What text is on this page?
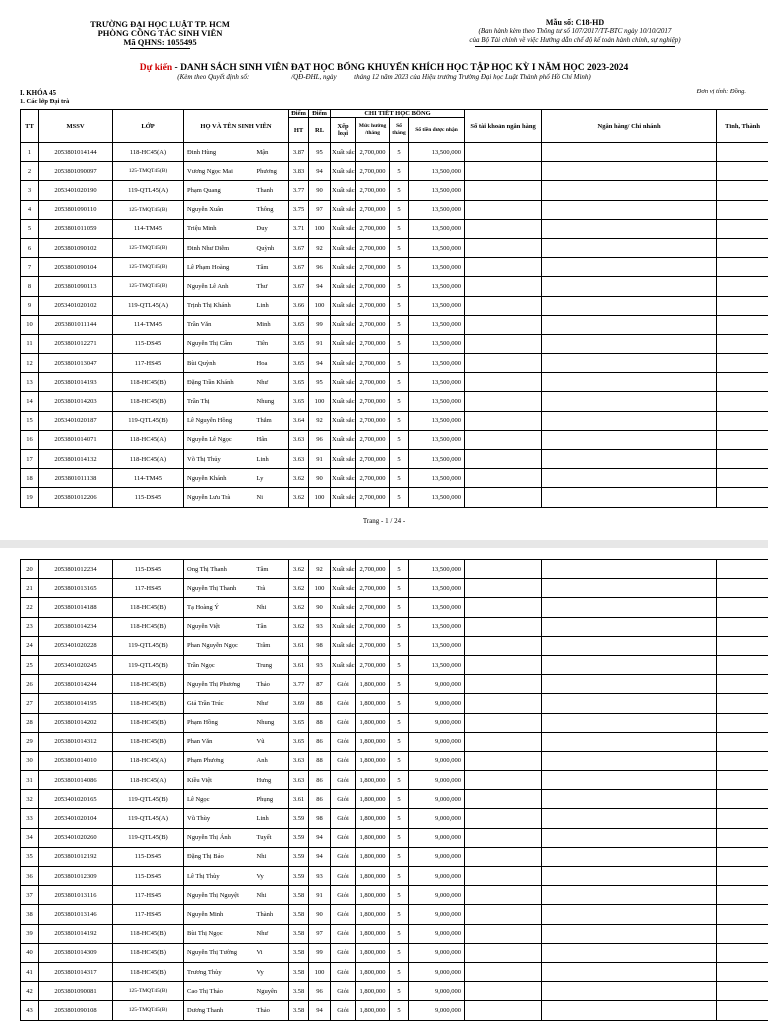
TRƯỜNG ĐẠI HỌC LUẬT TP. HCM
PHÒNG CÔNG TÁC SINH VIÊN
Mã QHNS: 1055495
Mẫu số: C18-HD
(Ban hành kèm theo Thông tư số 107/2017/TT-BTC ngày 10/10/2017
của Bộ Tài chính về việc Hướng dẫn chế độ kế toán hành chính, sự nghiệp)
Dự kiến - DANH SÁCH SINH VIÊN ĐẠT HỌC BỔNG KHUYẾN KHÍCH HỌC TẬP HỌC KỲ I NĂM HỌC 2023-2024
(Kèm theo Quyết định số:                        /QĐ-ĐHL, ngày          tháng 12 năm 2023 của Hiệu trưởng Trường Đại học Luật Thành phố Hồ Chí Minh)
I. KHÓA 45	Đơn vị tính: Đồng.
1. Các lớp Đại trà
TT	MSSV	LỚP	HỌ VÀ TÊN SINH VIÊN		Điểm	Điểm	CHI TIẾT HỌC BỔNG				Số tài khoản ngân hàng	Ngân hàng/ Chi nhánh	Tỉnh, Thành
					HT	RL	Xếp loại	Mức hưởng /tháng	Số tháng	Số tiền được nhận			

1	2053801014144	118-HC45(A)	Đinh Hùng	Mận	3.87	95	Xuất sắc	2,700,000	5	13,500,000			
2	2053801090097	125-TMQT45(B)	Vương Ngọc Mai	Phương	3.83	94	Xuất sắc	2,700,000	5	13,500,000			
3	2053401020190	119-QTL45(A)	Phạm Quang	Thanh	3.77	90	Xuất sắc	2,700,000	5	13,500,000			
4	2053801090110	125-TMQT45(B)	Nguyễn Xuân	Thông	3.75	97	Xuất sắc	2,700,000	5	13,500,000			
5	2053801011059	114-TM45	Triệu Minh	Duy	3.71	100	Xuất sắc	2,700,000	5	13,500,000			
6	2053801090102	125-TMQT45(B)	Đinh Như Diễm	Quỳnh	3.67	92	Xuất sắc	2,700,000	5	13,500,000			
7	2053801090104	125-TMQT45(B)	Lê Phạm Hoàng	Tâm	3.67	96	Xuất sắc	2,700,000	5	13,500,000			
8	2053801090113	125-TMQT45(B)	Nguyễn Lê Anh	Thư	3.67	94	Xuất sắc	2,700,000	5	13,500,000			
9	2053401020102	119-QTL45(A)	Trịnh Thị Khánh	Linh	3.66	100	Xuất sắc	2,700,000	5	13,500,000			
10	2053801011144	114-TM45	Trần Văn	Minh	3.65	99	Xuất sắc	2,700,000	5	13,500,000			
11	2053801012271	115-DS45	Nguyễn Thị Cẩm	Tiên	3.65	91	Xuất sắc	2,700,000	5	13,500,000			
12	2053801013047	117-HS45	Bùi Quỳnh	Hoa	3.65	94	Xuất sắc	2,700,000	5	13,500,000			
13	2053801014193	118-HC45(B)	Đặng Trần Khánh	Như	3.65	95	Xuất sắc	2,700,000	5	13,500,000			
14	2053801014203	118-HC45(B)	Trần Thị	Nhung	3.65	100	Xuất sắc	2,700,000	5	13,500,000			
15	2053401020187	119-QTL45(B)	Lê Nguyễn Hồng	Thắm	3.64	92	Xuất sắc	2,700,000	5	13,500,000			
16	2053801014071	118-HC45(A)	Nguyễn Lê Ngọc	Hân	3.63	96	Xuất sắc	2,700,000	5	13,500,000			
17	2053801014132	118-HC45(A)	Võ Thị Thủy	Linh	3.63	91	Xuất sắc	2,700,000	5	13,500,000			
18	2053801011138	114-TM45	Nguyễn Khánh	Ly	3.62	90	Xuất sắc	2,700,000	5	13,500,000			
19	2053801012206	115-DS45	Nguyễn Lưu Trà	Ni	3.62	100	Xuất sắc	2,700,000	5	13,500,000			
Trang - 1 / 24 -
20	2053801012234	115-DS45	Ong Thị Thanh	Tâm	3.62	92	Xuất sắc	2,700,000	5	13,500,000			
21	2053801013165	117-HS45	Nguyễn Thị Thanh	Trà	3.62	100	Xuất sắc	2,700,000	5	13,500,000			
22	2053801014188	118-HC45(B)	Tạ Hoàng Ý	Nhi	3.62	90	Xuất sắc	2,700,000	5	13,500,000			
23	2053801014234	118-HC45(B)	Nguyễn Việt	Tân	3.62	93	Xuất sắc	2,700,000	5	13,500,000			
24	2053401020228	119-QTL45(B)	Phan Nguyễn Ngọc	Trâm	3.61	98	Xuất sắc	2,700,000	5	13,500,000			
25	2053401020245	119-QTL45(B)	Trần Ngọc	Trung	3.61	93	Xuất sắc	2,700,000	5	13,500,000			
26	2053801014244	118-HC45(B)	Nguyễn Thị Phương	Thảo	3.77	87	Giỏi	1,800,000	5	9,000,000			
27	2053801014195	118-HC45(B)	Giả Trần Trúc	Như	3.69	88	Giỏi	1,800,000	5	9,000,000			
28	2053801014202	118-HC45(B)	Phạm Hồng	Nhung	3.65	88	Giỏi	1,800,000	5	9,000,000			
29	2053801014312	118-HC45(B)	Phan Văn	Vũ	3.65	86	Giỏi	1,800,000	5	9,000,000			
30	2053801014010	118-HC45(A)	Phạm Phương	Anh	3.63	88	Giỏi	1,800,000	5	9,000,000			
31	2053801014086	118-HC45(A)	Kiều Việt	Hưng	3.63	86	Giỏi	1,800,000	5	9,000,000			
32	2053401020165	119-QTL45(B)	Lê Ngọc	Phụng	3.61	86	Giỏi	1,800,000	5	9,000,000			
33	2053401020104	119-QTL45(A)	Vũ Thùy	Linh	3.59	98	Giỏi	1,800,000	5	9,000,000			
34	2053401020260	119-QTL45(B)	Nguyễn Thị Ánh	Tuyết	3.59	94	Giỏi	1,800,000	5	9,000,000			
35	2053801012192	115-DS45	Đặng Thị Bảo	Nhi	3.59	94	Giỏi	1,800,000	5	9,000,000			
36	2053801012309	115-DS45	Lê Thị Thùy	Vy	3.59	93	Giỏi	1,800,000	5	9,000,000			
37	2053801013116	117-HS45	Nguyễn Thị Nguyệt	Nhi	3.58	91	Giỏi	1,800,000	5	9,000,000			
38	2053801013146	117-HS45	Nguyễn Minh	Thành	3.58	90	Giỏi	1,800,000	5	9,000,000			
39	2053801014192	118-HC45(B)	Bùi Thị Ngọc	Như	3.58	97	Giỏi	1,800,000	5	9,000,000			
40	2053801014309	118-HC45(B)	Nguyễn Thị Tường	Vi	3.58	99	Giỏi	1,800,000	5	9,000,000			
41	2053801014317	118-HC45(B)	Trương Thùy	Vy	3.58	100	Giỏi	1,800,000	5	9,000,000			
42	2053801090081	125-TMQT45(B)	Cao Thị Thảo	Nguyên	3.58	96	Giỏi	1,800,000	5	9,000,000			
43	2053801090108	125-TMQT45(B)	Dương Thanh	Thảo	3.58	94	Giỏi	1,800,000	5	9,000,000			
